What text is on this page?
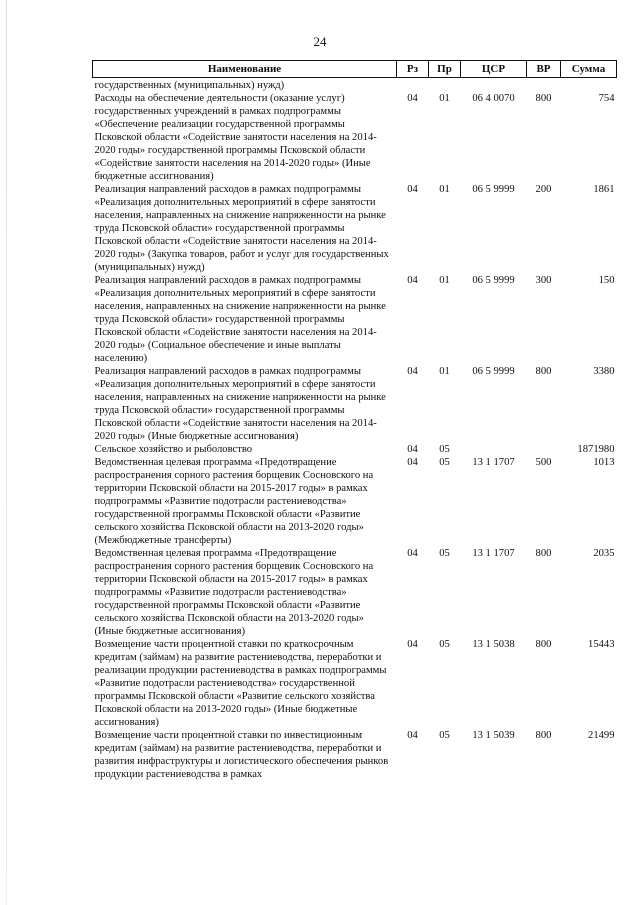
24
Наименование	Рз	Пр	ЦСР	ВР	Сумма
государственных (муниципальных) нужд)					
Расходы на обеспечение деятельности (оказание услуг) государственных учреждений в рамках подпрограммы «Обеспечение реализации государственной программы Псковской области «Содействие занятости населения на 2014-2020 годы» государственной программы Псковской области «Содействие занятости населения на 2014-2020 годы» (Иные бюджетные ассигнования)	04	01	06 4 0070	800	754
Реализация направлений расходов в рамках подпрограммы «Реализация дополнительных мероприятий в сфере занятости населения, направленных на снижение напряженности на рынке труда Псковской области» государственной программы Псковской области «Содействие занятости населения на 2014-2020 годы» (Закупка товаров, работ и услуг для государственных (муниципальных) нужд)	04	01	06 5 9999	200	1861
Реализация направлений расходов в рамках подпрограммы «Реализация дополнительных мероприятий в сфере занятости населения, направленных на снижение напряженности на рынке труда Псковской области» государственной программы Псковской области «Содействие занятости населения на 2014-2020 годы» (Социальное обеспечение и иные выплаты населению)	04	01	06 5 9999	300	150
Реализация направлений расходов в рамках подпрограммы «Реализация дополнительных мероприятий в сфере занятости населения, направленных на снижение напряженности на рынке труда Псковской области» государственной программы Псковской области «Содействие занятости населения на 2014-2020 годы» (Иные бюджетные ассигнования)	04	01	06 5 9999	800	3380
Сельское хозяйство и рыболовство	04	05			1871980
Ведомственная целевая программа «Предотвращение распространения сорного растения борщевик Сосновского на территории Псковской области на 2015-2017 годы» в рамках подпрограммы «Развитие подотрасли растениеводства» государственной программы Псковской области «Развитие сельского хозяйства Псковской области на 2013-2020 годы» (Межбюджетные трансферты)	04	05	13 1 1707	500	1013
Ведомственная целевая программа «Предотвращение распространения сорного растения борщевик Сосновского на территории Псковской области на 2015-2017 годы» в рамках подпрограммы «Развитие подотрасли растениеводства» государственной программы Псковской области «Развитие сельского хозяйства Псковской области на 2013-2020 годы» (Иные бюджетные ассигнования)	04	05	13 1 1707	800	2035
Возмещение части процентной ставки по краткосрочным кредитам (займам) на развитие растениеводства, переработки и реализации продукции растениеводства в рамках подпрограммы «Развитие подотрасли растениеводства» государственной программы Псковской области «Развитие сельского хозяйства Псковской области на 2013-2020 годы» (Иные бюджетные ассигнования)	04	05	13 1 5038	800	15443
Возмещение части процентной ставки по инвестиционным кредитам (займам) на развитие растениеводства, переработки и развития инфраструктуры и логистического обеспечения рынков продукции растениеводства в рамках	04	05	13 1 5039	800	21499
